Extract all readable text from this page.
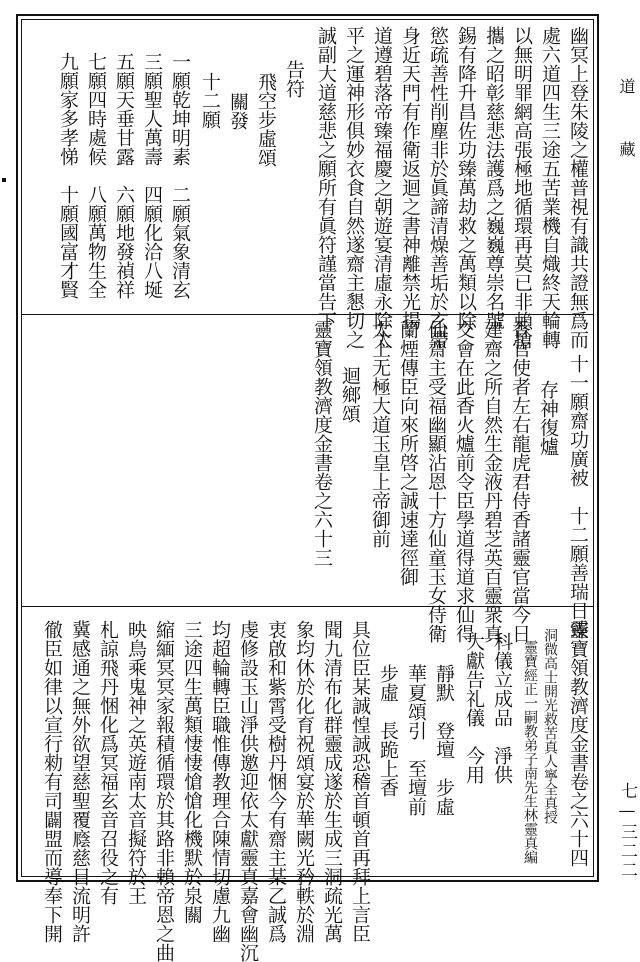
幽冥上登朱陵之權普視有識共證無爲而
處六道四生三途五苦業機自熾終天輪轉
以無明罪網高張極地循環再莫已非賴搶
攜之昭彰慈悲法護爲之巍巍尊崇名號
錫有降升昌佐功臻萬劫救之萬類以除
慾疏善性削塵非於眞諦清燥善垢於玄帶
身近天門有作衛返迴之書神離禁光揚
道遵碧落帝臻福慶之朝遊宴清虛永除太
平之運神形俱妙衣食自然遂齋主懇切之
誠副大道慈悲之願所有眞符謹當告下
告符
飛空步虛頌
關發
十二願
一願乾坤明素　二願氣象清玄
三願聖人萬壽　四願化洽八埏
五願天垂甘露　六願地發禎祥
七願四時處候　八願萬物生全
九願家多孝悌　十願國富才賢
十一願齋功廣被　十二願善瑞日臻
存神復爐
香官使者左右龍虎君侍香諸靈官當今日
建齋之所自然生金液丹碧芝英百靈衆真
交會在此香火爐前令臣學道得道求仙得
仙齋主受福幽顯沾恩十方仙童玉女侍衛
蘭煙傳臣向來所啓之誠速達徑御
太上无極大道玉皇上帝御前
迴鄉頌
靈寶領教濟度金書卷之六十三
靈寶領教濟度金書卷之六十四
洞微高士開光救苦真人寧全真授
靈寶經正一嗣教弟子南先生林靈真編
科儀立成品　淨供
大獻告礼儀　今用
靜默　登壇　步虛
華夏頌引　至壇前
步虛　長跪上香
具位臣某誠惶誠恐稽首頓首再拜上言臣
聞九清布化群靈成遂於生成三洞疏光萬
象均休於化育祝頌宴於華闕光矜軼於淵
衷啟和紫霄受樹丹悃今有齋主某乙誠爲
虔修設玉山淨供邀迎依太獻靈真嘉會幽沉
均超輪轉臣職惟傳教理合陳情切慮九幽
三途四生萬類悽悽愴愴化機默於泉關
縮緬冥冥家報積循環於其路非賴帝恩之曲
映鳥乘鬼神之英遊南太音擬符於王
札諒飛丹悃化爲冥福玄音召役之有
冀感通之無外欲望慈聖覆廕慈目流明許
徹臣如律以宣行勑有司闢盟而導奉下開
道 藏
七—三二二
